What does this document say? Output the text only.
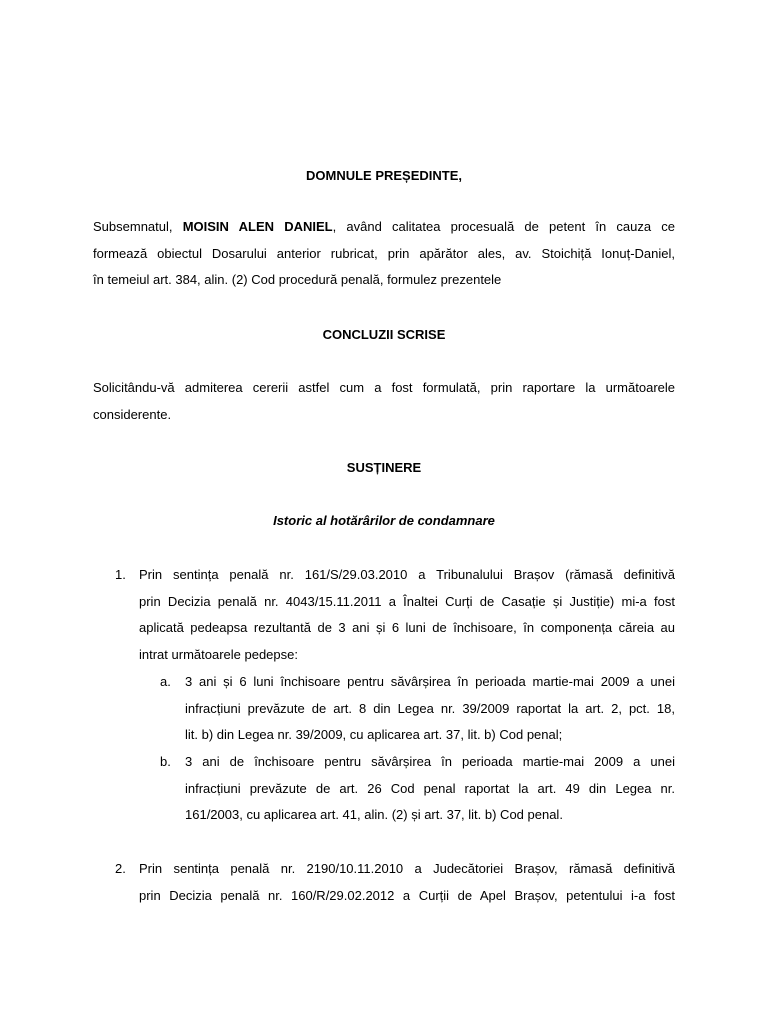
DOMNULE PREȘEDINTE,
Subsemnatul, MOISIN ALEN DANIEL, având calitatea procesuală de petent în cauza ce
formează obiectul Dosarului anterior rubricat, prin apărător ales, av. Stoichiță Ionuț-Daniel,
în temeiul art. 384, alin. (2) Cod procedură penală, formulez prezentele
CONCLUZII SCRISE
Solicitându-vă admiterea cererii astfel cum a fost formulată, prin raportare la următoarele
considerente.
SUSȚINERE
Istoric al hotărârilor de condamnare
1. Prin sentința penală nr. 161/S/29.03.2010 a Tribunalului Brașov (rămasă definitivă
prin Decizia penală nr. 4043/15.11.2011 a Înaltei Curți de Casație și Justiție) mi-a fost
aplicată pedeapsa rezultantă de 3 ani și 6 luni de închisoare, în componența căreia au
intrat următoarele pedepse:
a. 3 ani și 6 luni închisoare pentru săvârșirea în perioada martie-mai 2009 a unei
infracțiuni prevăzute de art. 8 din Legea nr. 39/2009 raportat la art. 2, pct. 18,
lit. b) din Legea nr. 39/2009, cu aplicarea art. 37, lit. b) Cod penal;
b. 3 ani de închisoare pentru săvârșirea în perioada martie-mai 2009 a unei
infracțiuni prevăzute de art. 26 Cod penal raportat la art. 49 din Legea nr.
161/2003, cu aplicarea art. 41, alin. (2) și art. 37, lit. b) Cod penal.
2. Prin sentința penală nr. 2190/10.11.2010 a Judecătoriei Brașov, rămasă definitivă
prin Decizia penală nr. 160/R/29.02.2012 a Curții de Apel Brașov, petentului i-a fost
